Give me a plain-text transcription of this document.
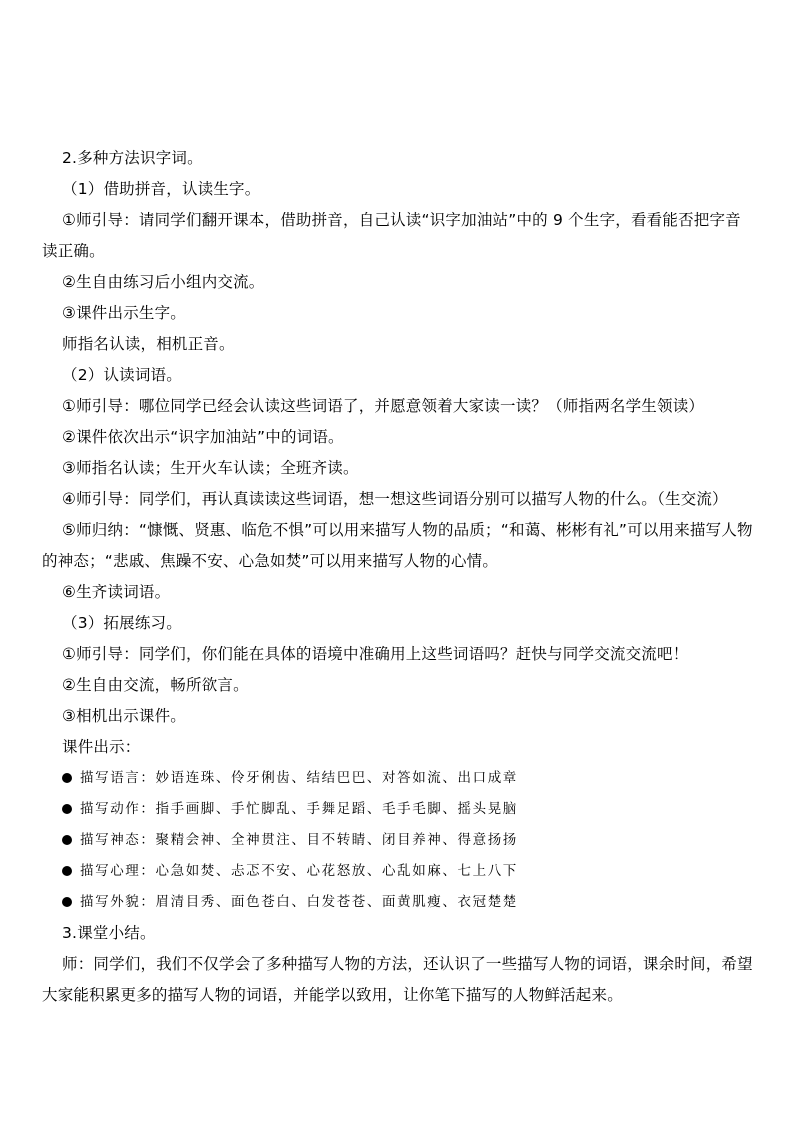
2.多种方法识字词。

（1）借助拼音，认读生字。

①师引导：请同学们翻开课本，借助拼音，自己认读“识字加油站”中的 9 个生字，看看能否把字音读正确。

②生自由练习后小组内交流。

③课件出示生字。

师指名认读，相机正音。

（2）认读词语。

①师引导：哪位同学已经会认读这些词语了，并愿意领着大家读一读？（师指两名学生领读）

②课件依次出示“识字加油站”中的词语。

③师指名认读；生开火车认读；全班齐读。

④师引导：同学们，再认真读读这些词语，想一想这些词语分别可以描写人物的什么。（生交流）

⑤师归纳：“慷慨、贤惠、临危不惧”可以用来描写人物的品质；“和蔼、彬彬有礼”可以用来描写人物的神态；“悲戚、焦躁不安、心急如焚”可以用来描写人物的心情。

⑥生齐读词语。

（3）拓展练习。

①师引导：同学们，你们能在具体的语境中准确用上这些词语吗？赶快与同学交流交流吧！

②生自由交流，畅所欲言。

③相机出示课件。

课件出示：

描写语言：妙语连珠、伶牙俐齿、结结巴巴、对答如流、出口成章

描写动作：指手画脚、手忙脚乱、手舞足蹈、毛手毛脚、摇头晃脑

描写神态：聚精会神、全神贯注、目不转睛、闭目养神、得意扬扬

描写心理：心急如焚、忐忑不安、心花怒放、心乱如麻、七上八下

描写外貌：眉清目秀、面色苍白、白发苍苍、面黄肌瘦、衣冠楚楚

3.课堂小结。

师：同学们，我们不仅学会了多种描写人物的方法，还认识了一些描写人物的词语，课余时间，希望大家能积累更多的描写人物的词语，并能学以致用，让你笔下描写的人物鲜活起来。
